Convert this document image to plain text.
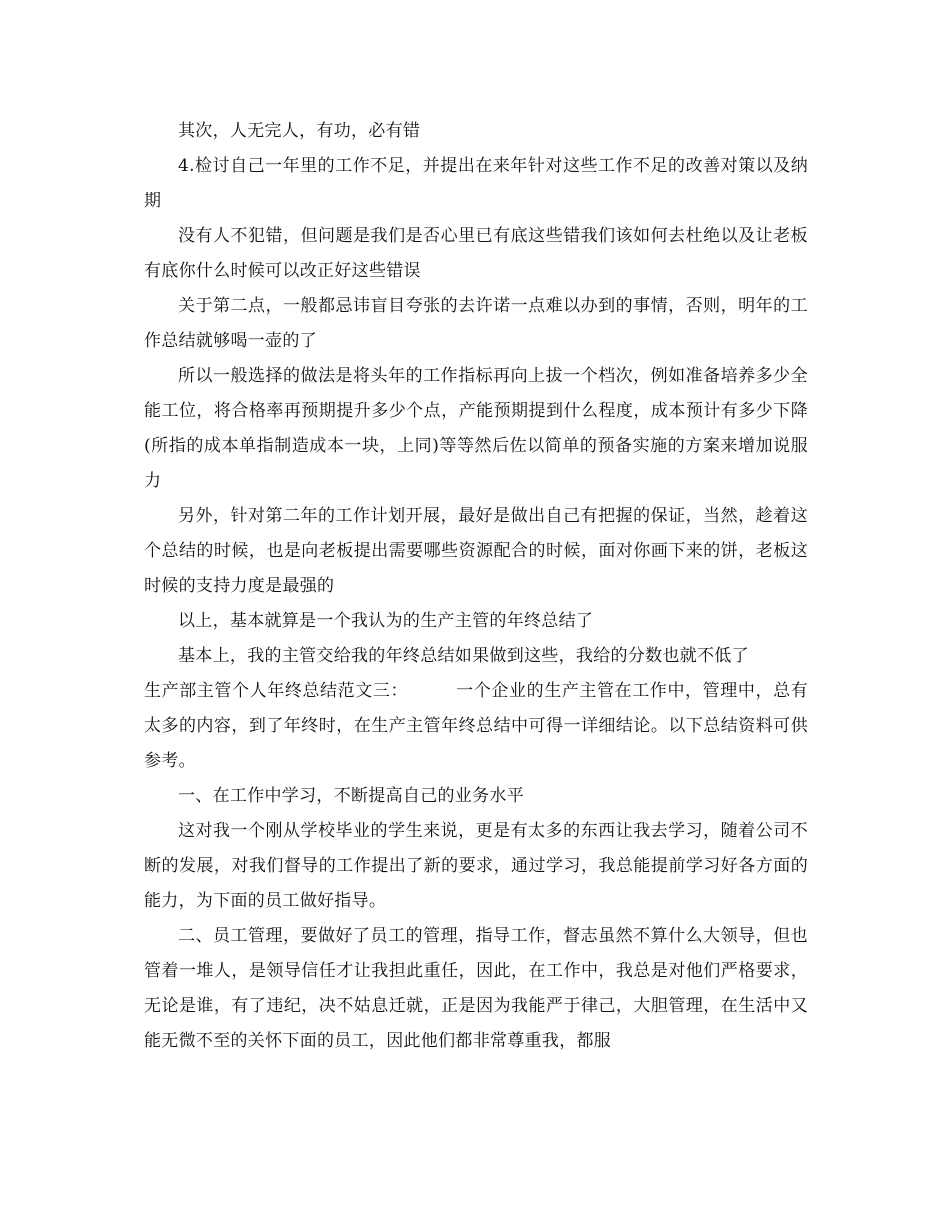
其次，人无完人，有功，必有错

4.检讨自己一年里的工作不足，并提出在来年针对这些工作不足的改善对策以及纳期

没有人不犯错，但问题是我们是否心里已有底这些错我们该如何去杜绝以及让老板有底你什么时候可以改正好这些错误

关于第二点，一般都忌讳盲目夸张的去许诺一点难以办到的事情，否则，明年的工作总结就够喝一壶的了

所以一般选择的做法是将头年的工作指标再向上拔一个档次，例如准备培养多少全能工位，将合格率再预期提升多少个点，产能预期提到什么程度，成本预计有多少下降(所指的成本单指制造成本一块，上同)等等然后佐以简单的预备实施的方案来增加说服力

另外，针对第二年的工作计划开展，最好是做出自己有把握的保证，当然，趁着这个总结的时候，也是向老板提出需要哪些资源配合的时候，面对你画下来的饼，老板这时候的支持力度是最强的

以上，基本就算是一个我认为的生产主管的年终总结了

基本上，我的主管交给我的年终总结如果做到这些，我给的分数也就不低了

生产部主管个人年终总结范文三：        一个企业的生产主管在工作中，管理中，总有太多的内容，到了年终时，在生产主管年终总结中可得一详细结论。以下总结资料可供参考。

一、在工作中学习，不断提高自己的业务水平

这对我一个刚从学校毕业的学生来说，更是有太多的东西让我去学习，随着公司不断的发展，对我们督导的工作提出了新的要求，通过学习，我总能提前学习好各方面的能力，为下面的员工做好指导。

二、员工管理，要做好了员工的管理，指导工作，督志虽然不算什么大领导，但也管着一堆人，是领导信任才让我担此重任，因此，在工作中，我总是对他们严格要求，无论是谁，有了违纪，决不姑息迁就，正是因为我能严于律己，大胆管理，在生活中又能无微不至的关怀下面的员工，因此他们都非常尊重我，都服
